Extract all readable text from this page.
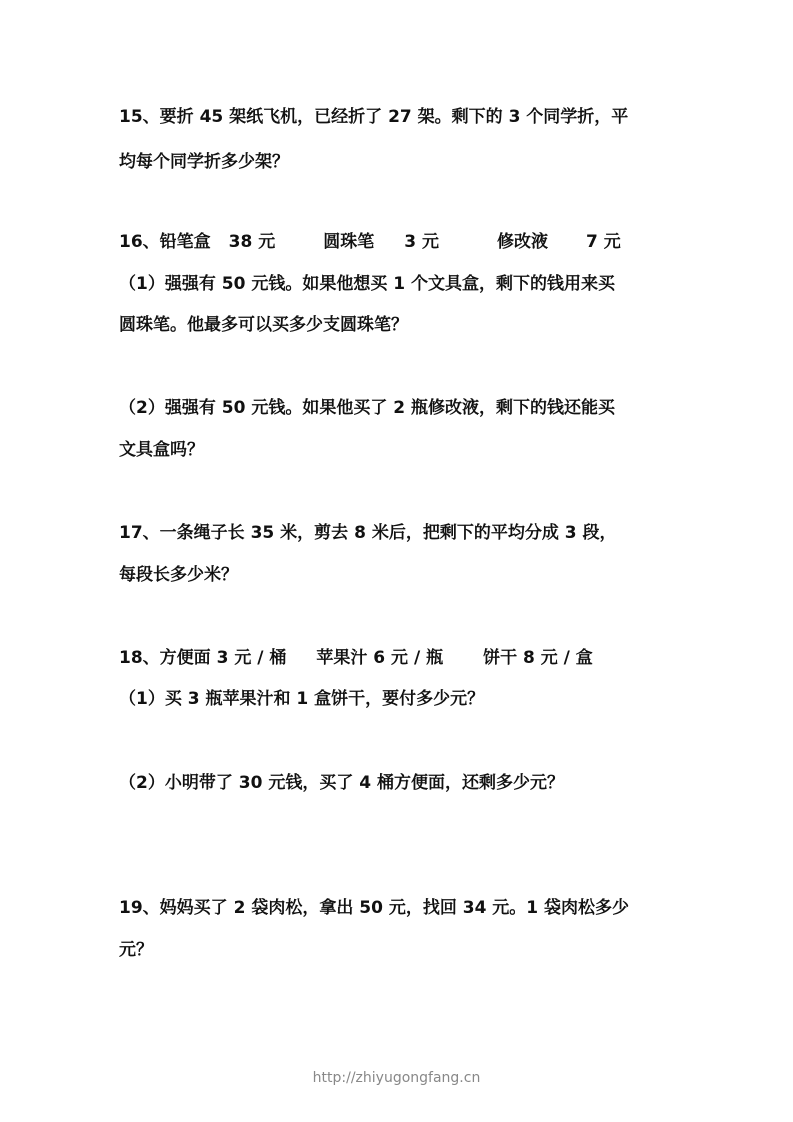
15、要折 45 架纸飞机，已经折了 27 架。剩下的 3 个同学折，平
均每个同学折多少架？
16、铅笔盒 38 元	圆珠笔 3 元	修改液 7 元
（1）强强有 50 元钱。如果他想买 1 个文具盒，剩下的钱用来买
圆珠笔。他最多可以买多少支圆珠笔？
（2）强强有 50 元钱。如果他买了 2 瓶修改液，剩下的钱还能买
文具盒吗？
17、一条绳子长 35 米，剪去 8 米后，把剩下的平均分成 3 段，
每段长多少米？
18、方便面 3 元 / 桶 苹果汁 6 元 / 瓶 饼干 8 元 / 盒
（1）买 3 瓶苹果汁和 1 盒饼干，要付多少元？
（2）小明带了 30 元钱，买了 4 桶方便面，还剩多少元？
19、妈妈买了 2 袋肉松，拿出 50 元，找回 34 元。1 袋肉松多少
元？
http://zhiyugongfang.cn
